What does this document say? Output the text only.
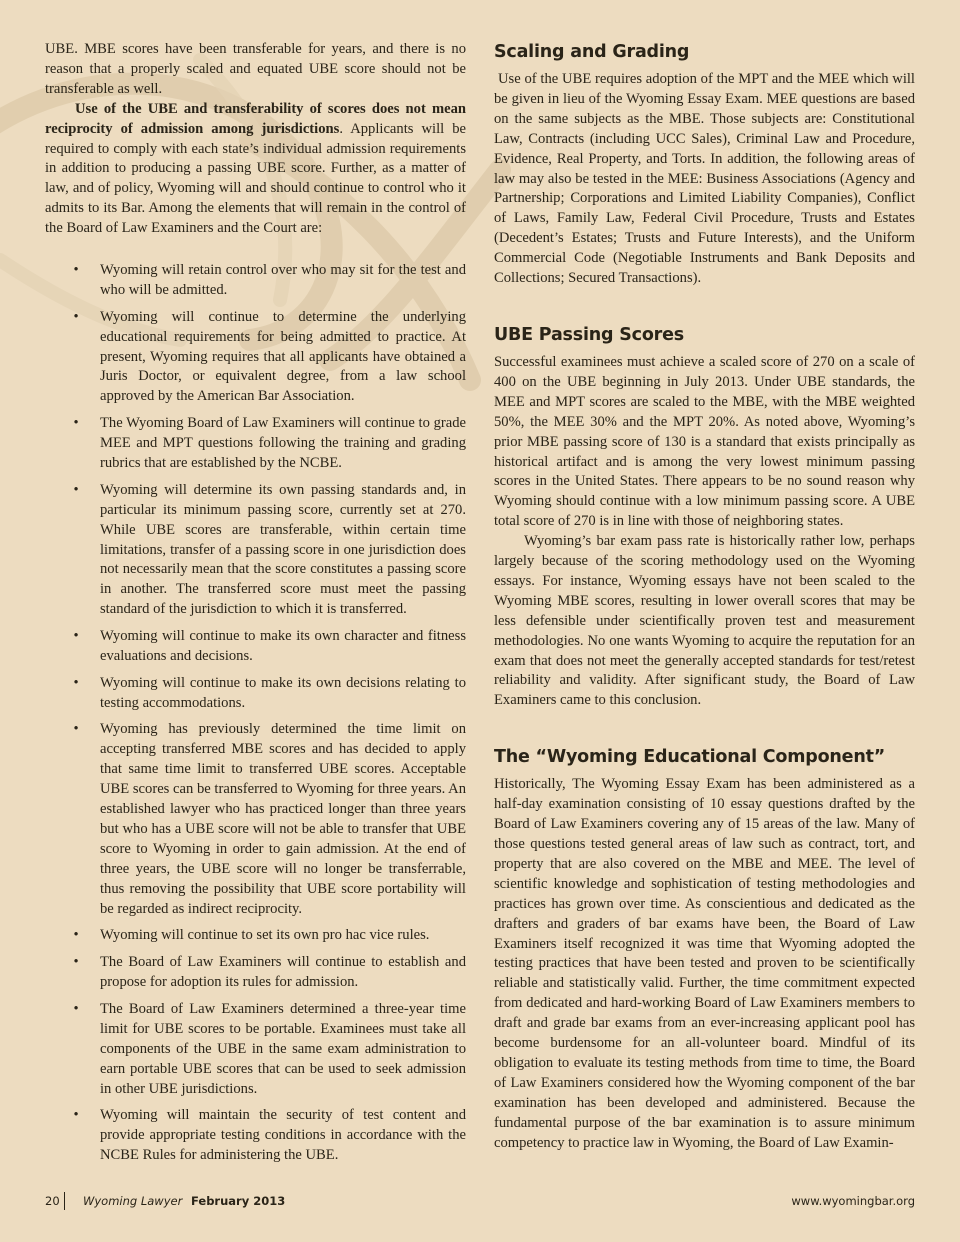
UBE. MBE scores have been transferable for years, and there is no reason that a properly scaled and equated UBE score should not be transferable as well.

Use of the UBE and transferability of scores does not mean reciprocity of admission among jurisdictions. Applicants will be required to comply with each state’s individual admission requirements in addition to producing a passing UBE score. Further, as a matter of law, and of policy, Wyoming will and should continue to control who it admits to its Bar. Among the elements that will remain in the control of the Board of Law Examiners and the Court are:

• Wyoming will retain control over who may sit for the test and who will be admitted.
• Wyoming will continue to determine the underlying educational requirements for being admitted to practice. At present, Wyoming requires that all applicants have obtained a Juris Doctor, or equivalent degree, from a law school approved by the American Bar Association.
• The Wyoming Board of Law Examiners will continue to grade MEE and MPT questions following the training and grading rubrics that are established by the NCBE.
• Wyoming will determine its own passing standards and, in particular its minimum passing score, currently set at 270. While UBE scores are transferable, within certain time limitations, transfer of a passing score in one jurisdiction does not necessarily mean that the score constitutes a passing score in another. The transferred score must meet the passing standard of the jurisdiction to which it is transferred.
• Wyoming will continue to make its own character and fitness evaluations and decisions.
• Wyoming will continue to make its own decisions relating to testing accommodations.
• Wyoming has previously determined the time limit on accepting transferred MBE scores and has decided to apply that same time limit to transferred UBE scores. Acceptable UBE scores can be transferred to Wyoming for three years. An established lawyer who has practiced longer than three years but who has a UBE score will not be able to transfer that UBE score to Wyoming in order to gain admission. At the end of three years, the UBE score will no longer be transferrable, thus removing the possibility that UBE score portability will be regarded as indirect reciprocity.
• Wyoming will continue to set its own pro hac vice rules.
• The Board of Law Examiners will continue to establish and propose for adoption its rules for admission.
• The Board of Law Examiners determined a three-year time limit for UBE scores to be portable. Examinees must take all components of the UBE in the same exam administration to earn portable UBE scores that can be used to seek admission in other UBE jurisdictions.
• Wyoming will maintain the security of test content and provide appropriate testing conditions in accordance with the NCBE Rules for administering the UBE.
Scaling and Grading

Use of the UBE requires adoption of the MPT and the MEE which will be given in lieu of the Wyoming Essay Exam. MEE questions are based on the same subjects as the MBE. Those subjects are: Constitutional Law, Contracts (including UCC Sales), Criminal Law and Procedure, Evidence, Real Property, and Torts. In addition, the following areas of law may also be tested in the MEE: Business Associations (Agency and Partnership; Corporations and Limited Liability Companies), Conflict of Laws, Family Law, Federal Civil Procedure, Trusts and Estates (Decedent’s Estates; Trusts and Future Interests), and the Uniform Commercial Code (Negotiable Instruments and Bank Deposits and Collections; Secured Transactions).

UBE Passing Scores

Successful examinees must achieve a scaled score of 270 on a scale of 400 on the UBE beginning in July 2013. Under UBE standards, the MEE and MPT scores are scaled to the MBE, with the MBE weighted 50%, the MEE 30% and the MPT 20%. As noted above, Wyoming’s prior MBE passing score of 130 is a standard that exists principally as historical artifact and is among the very lowest minimum passing scores in the United States. There appears to be no sound reason why Wyoming should continue with a low minimum passing score. A UBE total score of 270 is in line with those of neighboring states.

Wyoming’s bar exam pass rate is historically rather low, perhaps largely because of the scoring methodology used on the Wyoming essays. For instance, Wyoming essays have not been scaled to the Wyoming MBE scores, resulting in lower overall scores that may be less defensible under scientifically proven test and measurement methodologies. No one wants Wyoming to acquire the reputation for an exam that does not meet the generally accepted standards for test/retest reliability and validity. After significant study, the Board of Law Examiners came to this conclusion.

The “Wyoming Educational Component”

Historically, The Wyoming Essay Exam has been administered as a half-day examination consisting of 10 essay questions drafted by the Board of Law Examiners covering any of 15 areas of the law. Many of those questions tested general areas of law such as contract, tort, and property that are also covered on the MBE and MEE. The level of scientific knowledge and sophistication of testing methodologies and practices has grown over time. As conscientious and dedicated as the drafters and graders of bar exams have been, the Board of Law Examiners itself recognized it was time that Wyoming adopted the testing practices that have been tested and proven to be scientifically reliable and statistically valid. Further, the time commitment expected from dedicated and hard-working Board of Law Examiners members to draft and grade bar exams from an ever-increasing applicant pool has become burdensome for an all-volunteer board. Mindful of its obligation to evaluate its testing methods from time to time, the Board of Law Examiners considered how the Wyoming component of the bar examination has been developed and administered. Because the fundamental purpose of the bar examination is to assure minimum competency to practice law in Wyoming, the Board of Law Examin-

20 Wyoming Lawyer February 2013	www.wyomingbar.org
